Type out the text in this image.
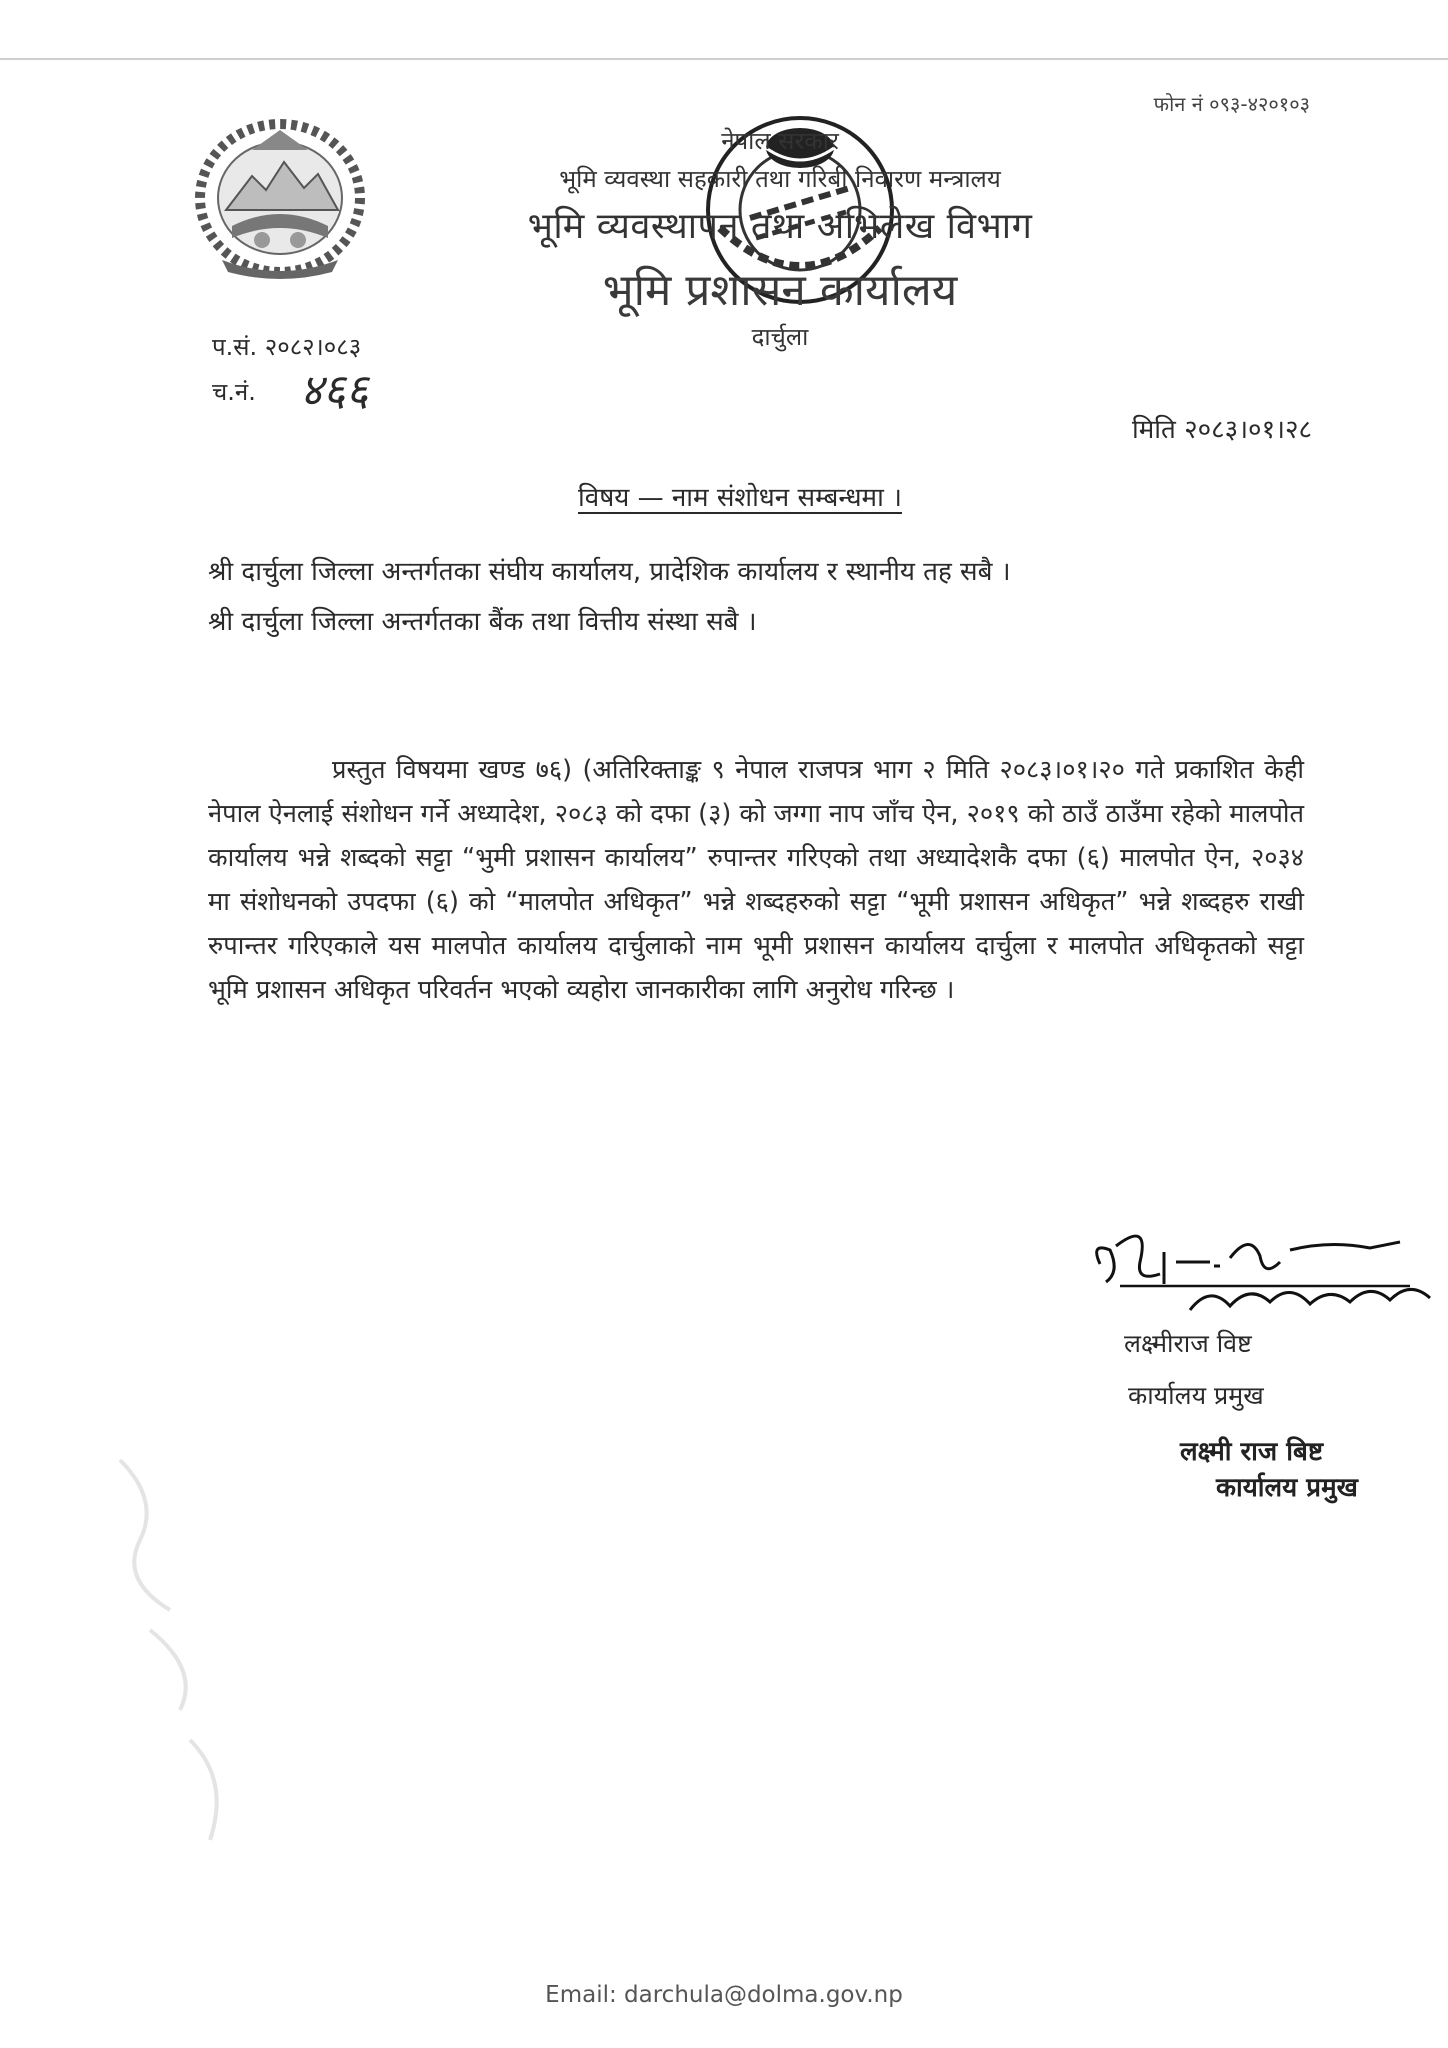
फोन नं ०९३-४२०१०३
नेपाल सरकार
भूमि व्यवस्था सहकारी तथा गरिबी निवारण मन्त्रालय
भूमि व्यवस्थापन तथा अभिलेख विभाग
भूमि प्रशासन कार्यालय
दार्चुला
प.सं. २०८२।०८३
च.नं. ४६६
मिति २०८३।०१।२८
विषय — नाम संशोधन सम्बन्धमा ।
श्री दार्चुला जिल्ला अन्तर्गतका संघीय कार्यालय, प्रादेशिक कार्यालय र स्थानीय तह सबै ।
श्री दार्चुला जिल्ला अन्तर्गतका बैंक तथा वित्तीय संस्था सबै ।
प्रस्तुत विषयमा खण्ड ७६) (अतिरिक्ताङ्क ९ नेपाल राजपत्र भाग २ मिति २०८३।०१।२० गते प्रकाशित केही नेपाल ऐनलाई संशोधन गर्ने अध्यादेश, २०८३ को दफा (३) को जग्गा नाप जाँच ऐन, २०१९ को ठाउँ ठाउँमा रहेको मालपोत कार्यालय भन्ने शब्दको सट्टा “भुमी प्रशासन कार्यालय” रुपान्तर गरिएको तथा अध्यादेशकै दफा (६) मालपोत ऐन, २०३४ मा संशोधनको उपदफा (६) को “मालपोत अधिकृत” भन्ने शब्दहरुको सट्टा “भूमी प्रशासन अधिकृत” भन्ने शब्दहरु राखी रुपान्तर गरिएकाले यस मालपोत कार्यालय दार्चुलाको नाम भूमी प्रशासन कार्यालय दार्चुला र मालपोत अधिकृतको सट्टा भूमि प्रशासन अधिकृत परिवर्तन भएको व्यहोरा जानकारीका लागि अनुरोध गरिन्छ ।
लक्ष्मीराज विष्ट
कार्यालय प्रमुख
लक्ष्मी राज बिष्ट
कार्यालय प्रमुख
Email: darchula@dolma.gov.np
